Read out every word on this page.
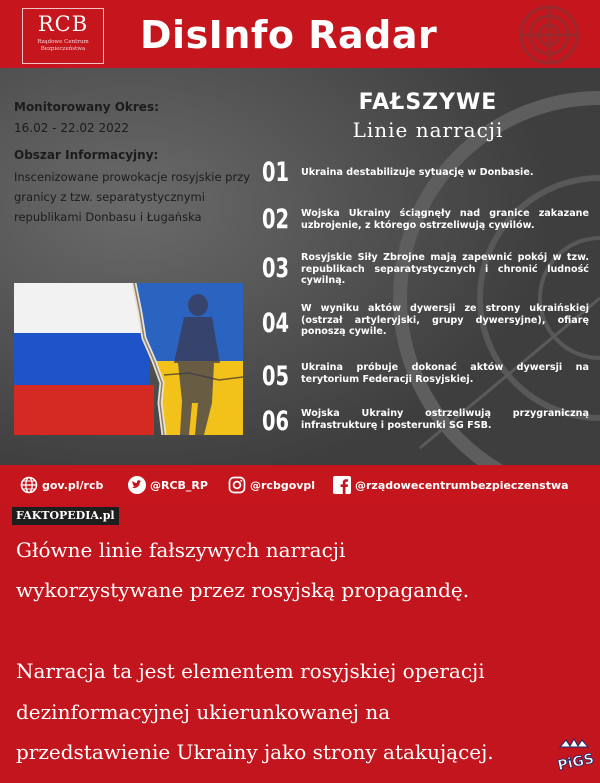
RCB
Rządowe Centrum
Bezpieczeństwa	DisInfo Radar
Monitorowany Okres:
16.02 - 22.02 2022
Obszar Informacyjny:
Inscenizowane prowokacje rosyjskie przy granicy z tzw. separatystycznymi republikami Donbasu i Ługańska
FAŁSZYWE
Linie narracji
01 Ukraina destabilizuje sytuację w Donbasie.
02 Wojska Ukrainy ściągnęły nad granice zakazane uzbrojenie, z którego ostrzeliwują cywilów.
03 Rosyjskie Siły Zbrojne mają zapewnić pokój w tzw. republikach separatystycznych i chronić ludność cywilną.
04 W wyniku aktów dywersji ze strony ukraińskiej (ostrzał artyleryjski, grupy dywersyjne), ofiarę ponoszą cywile.
05 Ukraina próbuje dokonać aktów dywersji na terytorium Federacji Rosyjskiej.
06 Wojska Ukrainy ostrzeliwują przygraniczną infrastrukturę i posterunki SG FSB.
gov.pl/rcb	@RCB_RP	@rcbgovpl	@rządowecentrumbezpieczenstwa
FAKTOPEDIA.pl
Główne linie fałszywych narracji
wykorzystywane przez rosyjską propagandę.
Narracja ta jest elementem rosyjskiej operacji
dezinformacyjnej ukierunkowanej na
przedstawienie Ukrainy jako strony atakującej.	PiGS
